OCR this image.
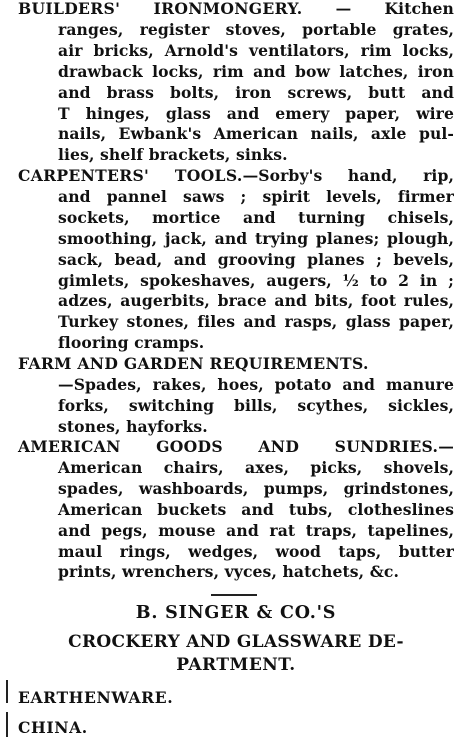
BUILDERS' IRONMONGERY. — Kitchen
ranges, register stoves, portable grates,
air bricks, Arnold's ventilators, rim locks,
drawback locks, rim and bow latches, iron
and brass bolts, iron screws, butt and
T hinges, glass and emery paper, wire
nails, Ewbank's American nails, axle pul-
lies, shelf brackets, sinks.
CARPENTERS' TOOLS.—Sorby's hand, rip,
and pannel saws ; spirit levels, firmer
sockets, mortice and turning chisels,
smoothing, jack, and trying planes; plough,
sack, bead, and grooving planes ; bevels,
gimlets, spokeshaves, augers, ½ to 2 in ;
adzes, augerbits, brace and bits, foot rules,
Turkey stones, files and rasps, glass paper,
flooring cramps.
FARM AND GARDEN REQUIREMENTS.
—Spades, rakes, hoes, potato and manure
forks, switching bills, scythes, sickles,
stones, hayforks.
AMERICAN GOODS AND SUNDRIES.—
American chairs, axes, picks, shovels,
spades, washboards, pumps, grindstones,
American buckets and tubs, clotheslines
and pegs, mouse and rat traps, tapelines,
maul rings, wedges, wood taps, butter
prints, wrenchers, vyces, hatchets, &c.
B. SINGER & CO.'S
CROCKERY AND GLASSWARE DE-
PARTMENT.
EARTHENWARE.
CHINA.
